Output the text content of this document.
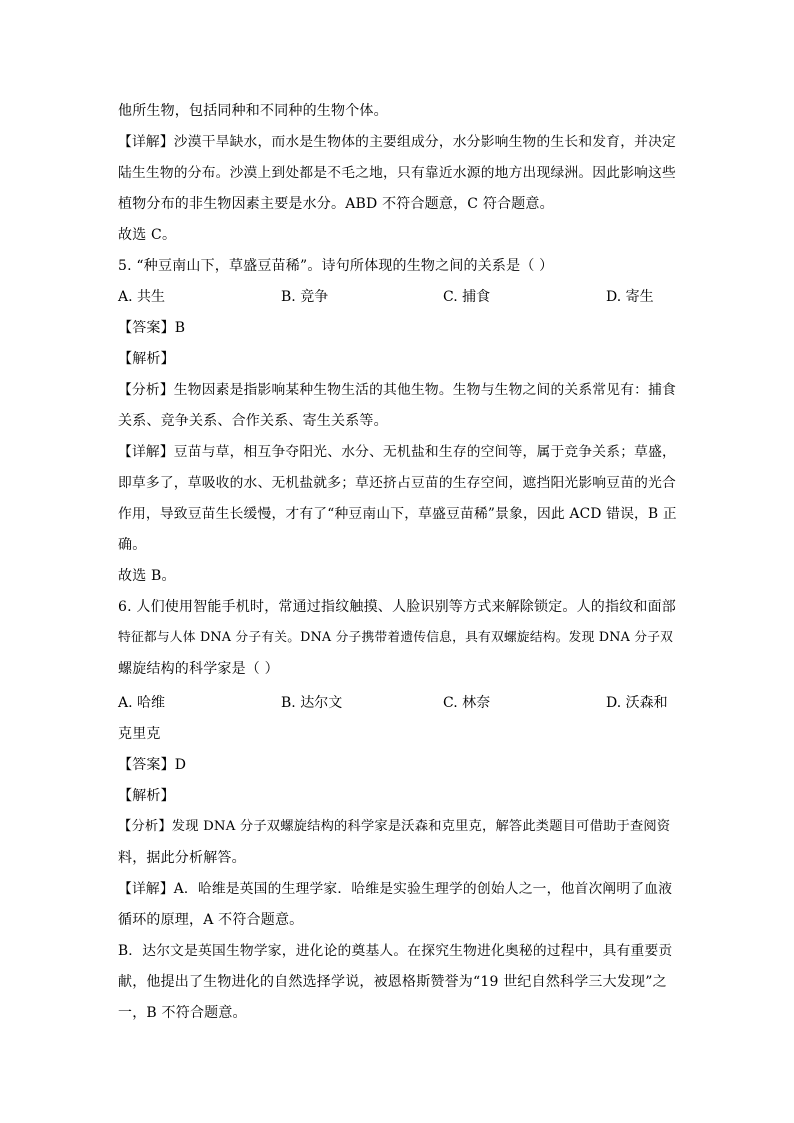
他所生物，包括同种和不同种的生物个体。
【详解】沙漠干旱缺水，而水是生物体的主要组成分，水分影响生物的生长和发育，并决定
陆生生物的分布。沙漠上到处都是不毛之地，只有靠近水源的地方出现绿洲。因此影响这些
植物分布的非生物因素主要是水分。ABD 不符合题意，C 符合题意。
故选 C。
5. “种豆南山下，草盛豆苗稀”。诗句所体现的生物之间的关系是（ ）
A. 共生	B. 竞争	C. 捕食	D. 寄生
【答案】B
【解析】
【分析】生物因素是指影响某种生物生活的其他生物。生物与生物之间的关系常见有：捕食
关系、竞争关系、合作关系、寄生关系等。
【详解】豆苗与草，相互争夺阳光、水分、无机盐和生存的空间等，属于竞争关系；草盛，
即草多了，草吸收的水、无机盐就多；草还挤占豆苗的生存空间，遮挡阳光影响豆苗的光合
作用，导致豆苗生长缓慢，才有了“种豆南山下，草盛豆苗稀”景象，因此 ACD 错误，B 正
确。
故选 B。
6. 人们使用智能手机时，常通过指纹触摸、人脸识别等方式来解除锁定。人的指纹和面部
特征都与人体 DNA 分子有关。DNA 分子携带着遗传信息，具有双螺旋结构。发现 DNA 分子双
螺旋结构的科学家是（ ）
A. 哈维	B. 达尔文	C. 林奈	D. 沃森和
克里克
【答案】D
【解析】
【分析】发现 DNA 分子双螺旋结构的科学家是沃森和克里克，解答此类题目可借助于查阅资
料，据此分析解答。
【详解】A．哈维是英国的生理学家．哈维是实验生理学的创始人之一，他首次阐明了血液
循环的原理，A 不符合题意。
B．达尔文是英国生物学家，进化论的奠基人。在探究生物进化奥秘的过程中，具有重要贡
献，他提出了生物进化的自然选择学说，被恩格斯赞誉为“19 世纪自然科学三大发现”之
一，B 不符合题意。
